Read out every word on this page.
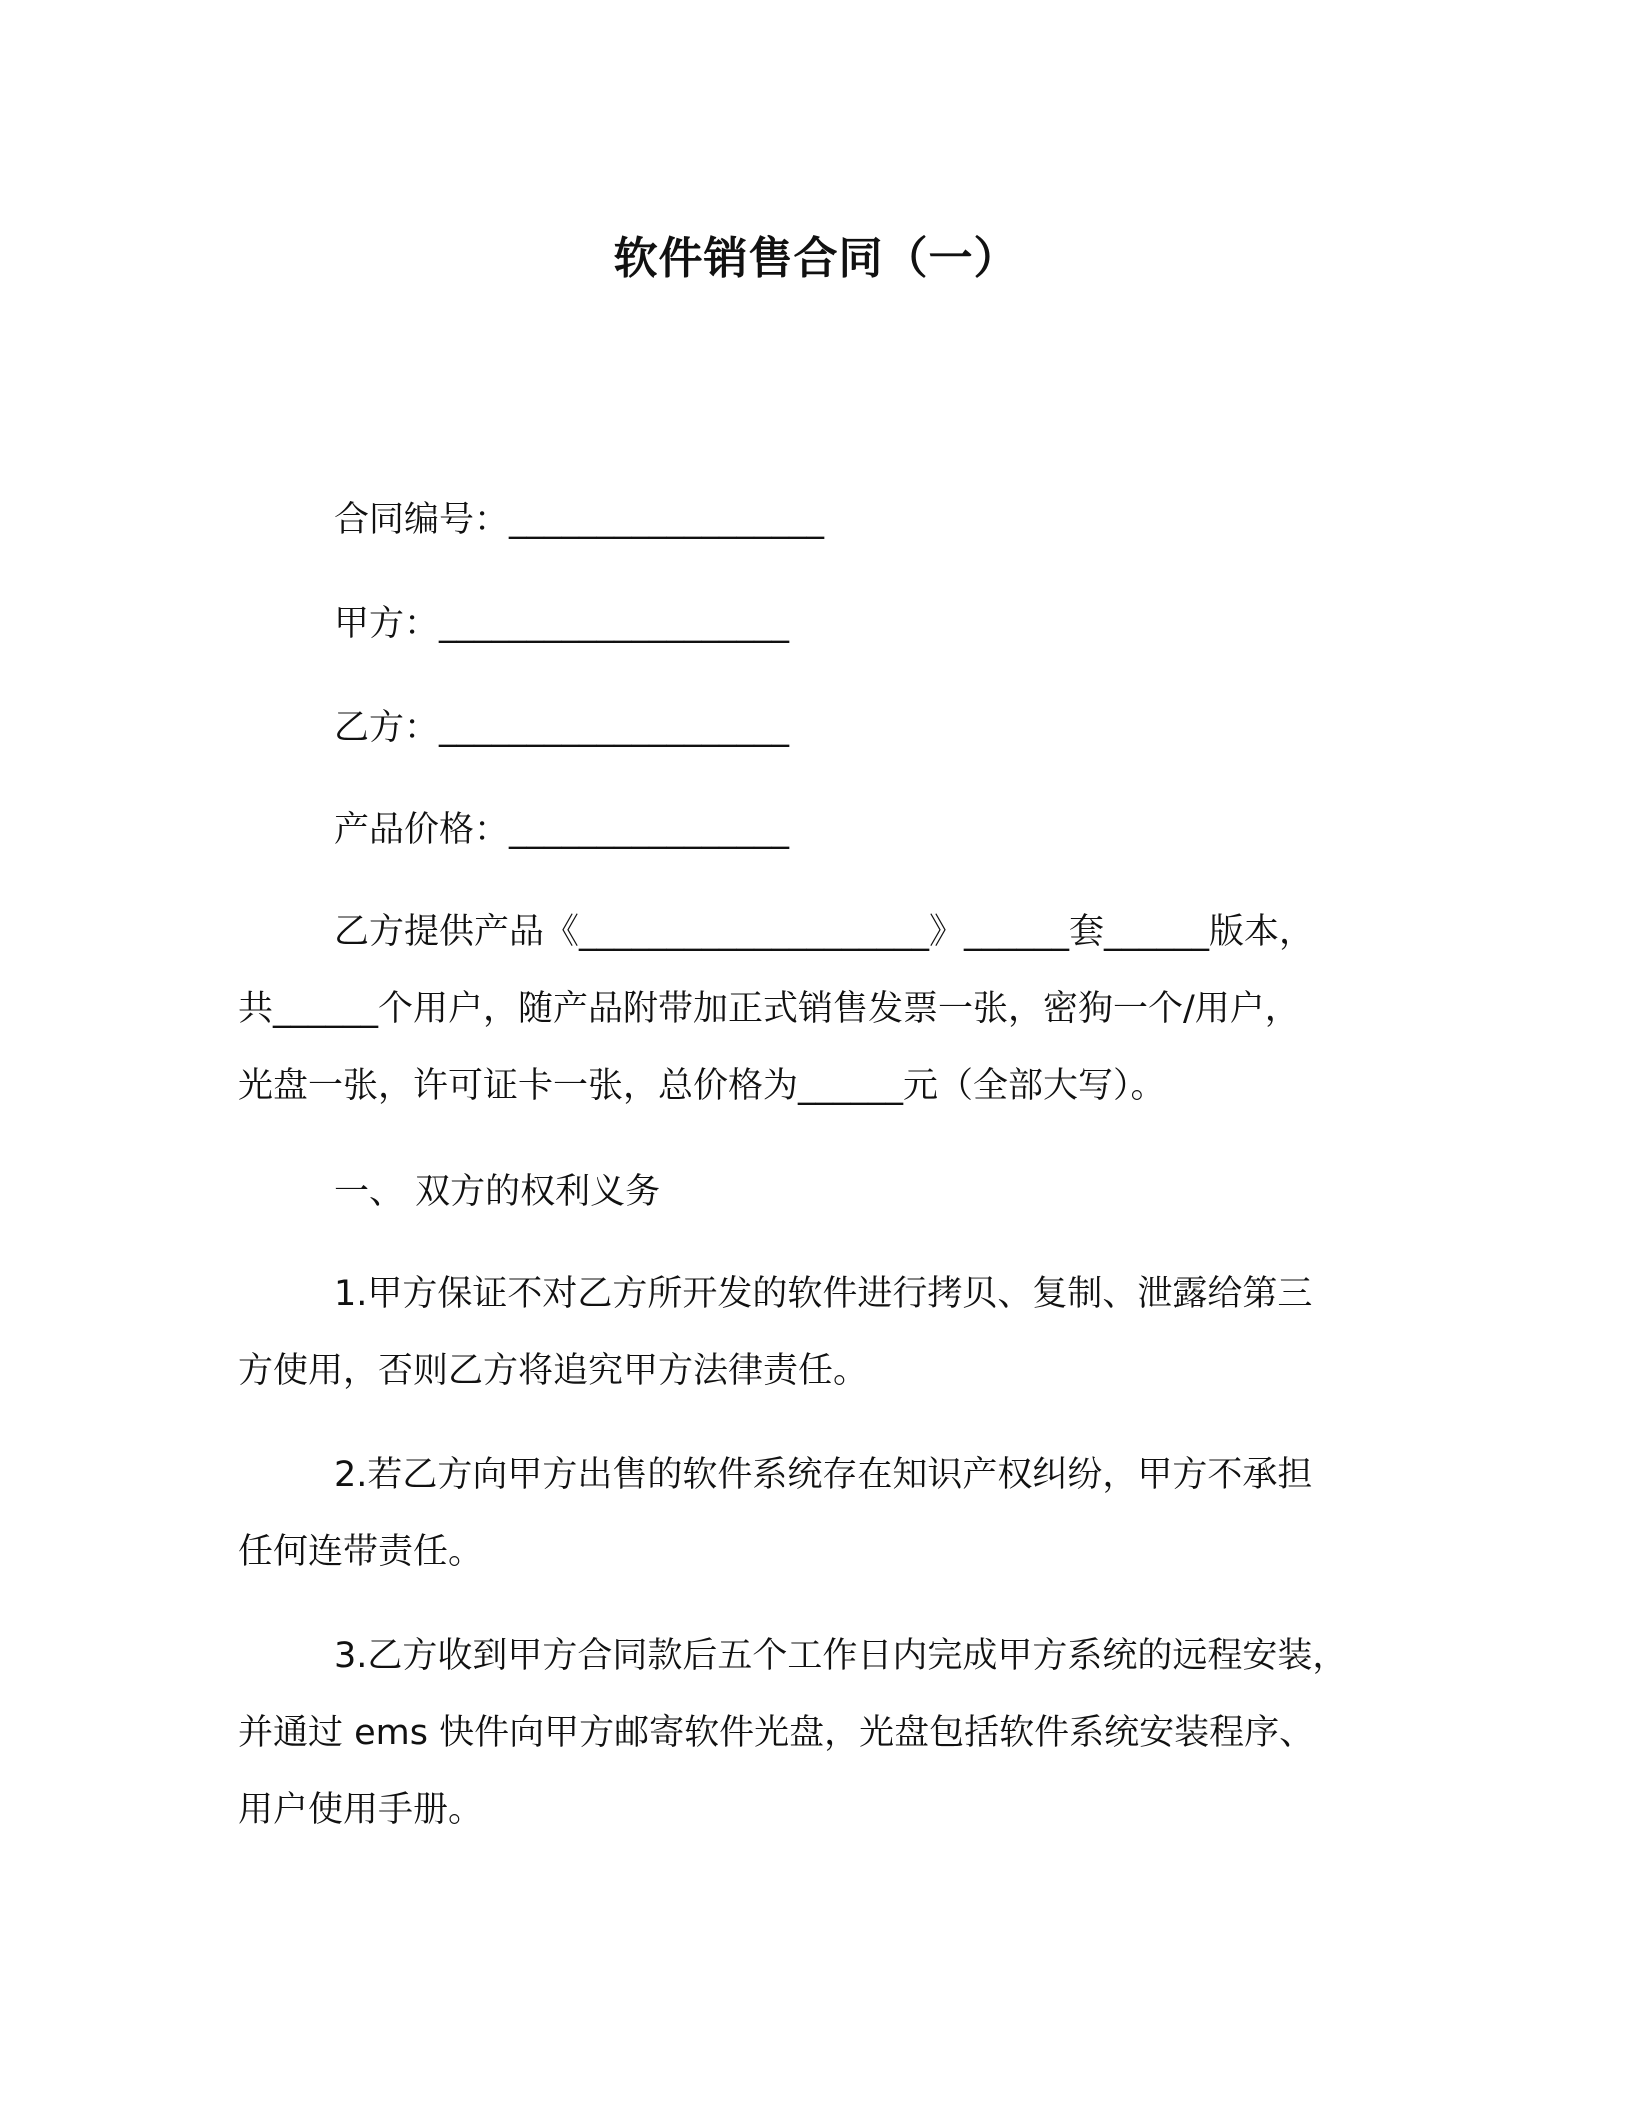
软件销售合同（一）
合同编号：__________________
甲方：____________________
乙方：____________________
产品价格：________________
乙方提供产品《____________________》______套______版本，
共______个用户，随产品附带加正式销售发票一张，密狗一个/用户，
光盘一张，许可证卡一张，总价格为______元（全部大写）。
一、 双方的权利义务
1.甲方保证不对乙方所开发的软件进行拷贝、复制、泄露给第三
方使用，否则乙方将追究甲方法律责任。
2.若乙方向甲方出售的软件系统存在知识产权纠纷，甲方不承担
任何连带责任。
3.乙方收到甲方合同款后五个工作日内完成甲方系统的远程安装，
并通过 ems 快件向甲方邮寄软件光盘，光盘包括软件系统安装程序、
用户使用手册。
